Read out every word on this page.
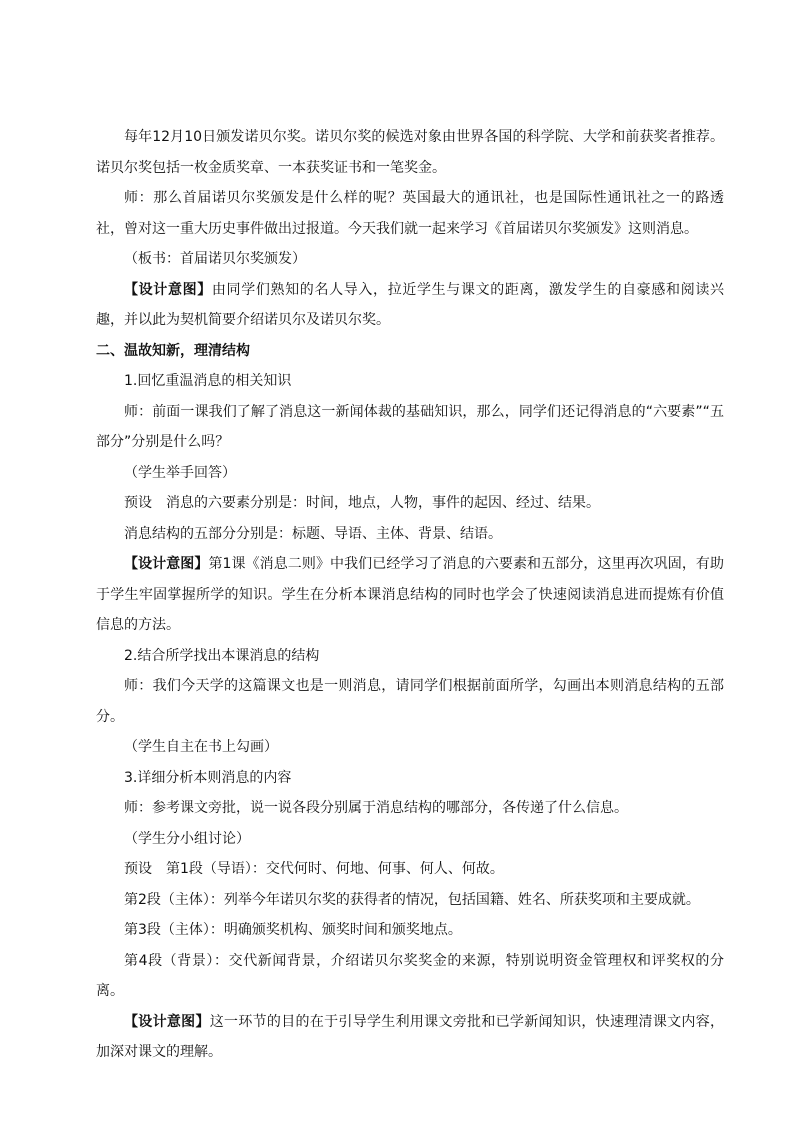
每年12月10日颁发诺贝尔奖。诺贝尔奖的候选对象由世界各国的科学院、大学和前获奖者推荐。诺贝尔奖包括一枚金质奖章、一本获奖证书和一笔奖金。

师：那么首届诺贝尔奖颁发是什么样的呢？英国最大的通讯社，也是国际性通讯社之一的路透社，曾对这一重大历史事件做出过报道。今天我们就一起来学习《首届诺贝尔奖颁发》这则消息。

（板书：首届诺贝尔奖颁发）

【设计意图】由同学们熟知的名人导入，拉近学生与课文的距离，激发学生的自豪感和阅读兴趣，并以此为契机简要介绍诺贝尔及诺贝尔奖。

二、温故知新，理清结构

1.回忆重温消息的相关知识

师：前面一课我们了解了消息这一新闻体裁的基础知识，那么，同学们还记得消息的“六要素”“五部分”分别是什么吗？

（学生举手回答）

预设　消息的六要素分别是：时间，地点，人物，事件的起因、经过、结果。

消息结构的五部分分别是：标题、导语、主体、背景、结语。

【设计意图】第1课《消息二则》中我们已经学习了消息的六要素和五部分，这里再次巩固，有助于学生牢固掌握所学的知识。学生在分析本课消息结构的同时也学会了快速阅读消息进而提炼有价值信息的方法。

2.结合所学找出本课消息的结构

师：我们今天学的这篇课文也是一则消息，请同学们根据前面所学，勾画出本则消息结构的五部分。

（学生自主在书上勾画）

3.详细分析本则消息的内容

师：参考课文旁批，说一说各段分别属于消息结构的哪部分，各传递了什么信息。

（学生分小组讨论）

预设　第1段（导语）：交代何时、何地、何事、何人、何故。

第2段（主体）：列举今年诺贝尔奖的获得者的情况，包括国籍、姓名、所获奖项和主要成就。

第3段（主体）：明确颁奖机构、颁奖时间和颁奖地点。

第4段（背景）：交代新闻背景，介绍诺贝尔奖奖金的来源，特别说明资金管理权和评奖权的分离。

【设计意图】这一环节的目的在于引导学生利用课文旁批和已学新闻知识，快速理清课文内容，加深对课文的理解。
